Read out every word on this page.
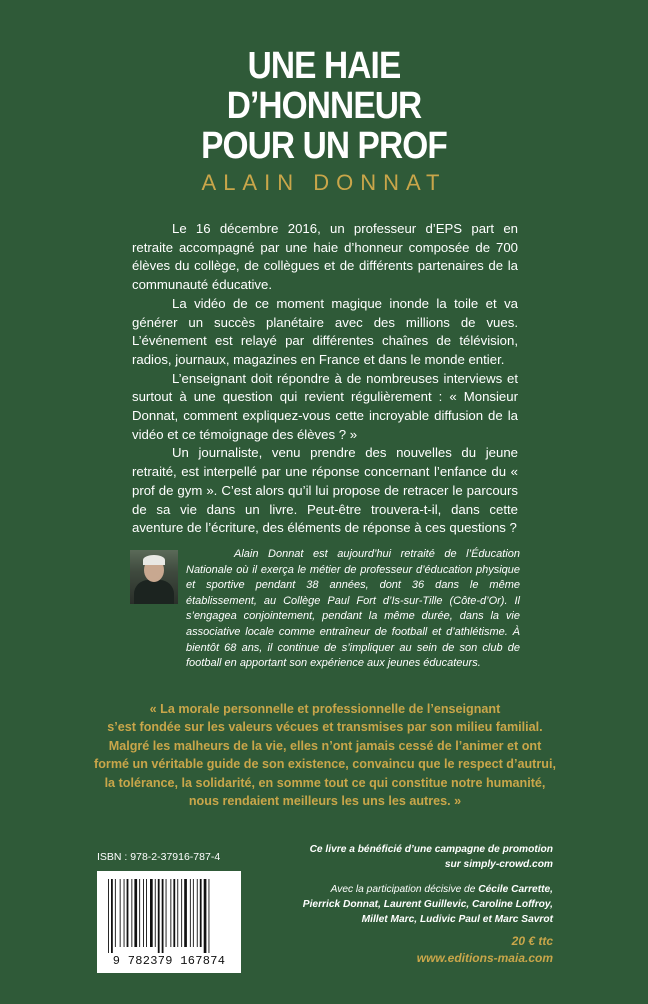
UNE HAIE
D’HONNEUR
POUR UN PROF
ALAIN DONNAT

Le 16 décembre 2016, un professeur d’EPS part en retraite accompagné par une haie d’honneur composée de 700 élèves du collège, de collègues et de différents partenaires de la communauté éducative.

La vidéo de ce moment magique inonde la toile et va générer un succès planétaire avec des millions de vues. L’événement est relayé par différentes chaînes de télévision, radios, journaux, magazines en France et dans le monde entier.

L’enseignant doit répondre à de nombreuses interviews et surtout à une question qui revient régulièrement : « Monsieur Donnat, comment expliquez-vous cette incroyable diffusion de la vidéo et ce témoignage des élèves ? »

Un journaliste, venu prendre des nouvelles du jeune retraité, est interpellé par une réponse concernant l’enfance du « prof de gym ». C’est alors qu’il lui propose de retracer le parcours de sa vie dans un livre. Peut-être trouvera-t-il, dans cette aventure de l’écriture, des éléments de réponse à ces questions ?

Alain Donnat est aujourd’hui retraité de l’Éducation Nationale où il exerça le métier de professeur d’éducation physique et sportive pendant 38 années, dont 36 dans le même établissement, au Collège Paul Fort d’Is-sur-Tille (Côte-d’Or). Il s’engagea conjointement, pendant la même durée, dans la vie associative locale comme entraîneur de football et d’athlétisme. À bientôt 68 ans, il continue de s’impliquer au sein de son club de football en apportant son expérience aux jeunes éducateurs.
« La morale personnelle et professionnelle de l’enseignant
s’est fondée sur les valeurs vécues et transmises par son milieu familial.
Malgré les malheurs de la vie, elles n’ont jamais cessé de l’animer et ont
formé un véritable guide de son existence, convaincu que le respect d’autrui,
la tolérance, la solidarité, en somme tout ce qui constitue notre humanité,
nous rendaient meilleurs les uns les autres. »
ISBN : 978-2-37916-787-4
9 782379 167874
Ce livre a bénéficié d’une campagne de promotion
sur simply-crowd.com
Avec la participation décisive de Cécile Carrette,
Pierrick Donnat, Laurent Guillevic, Caroline Loffroy,
Millet Marc, Ludivic Paul et Marc Savrot
20 € ttc
www.editions-maia.com
